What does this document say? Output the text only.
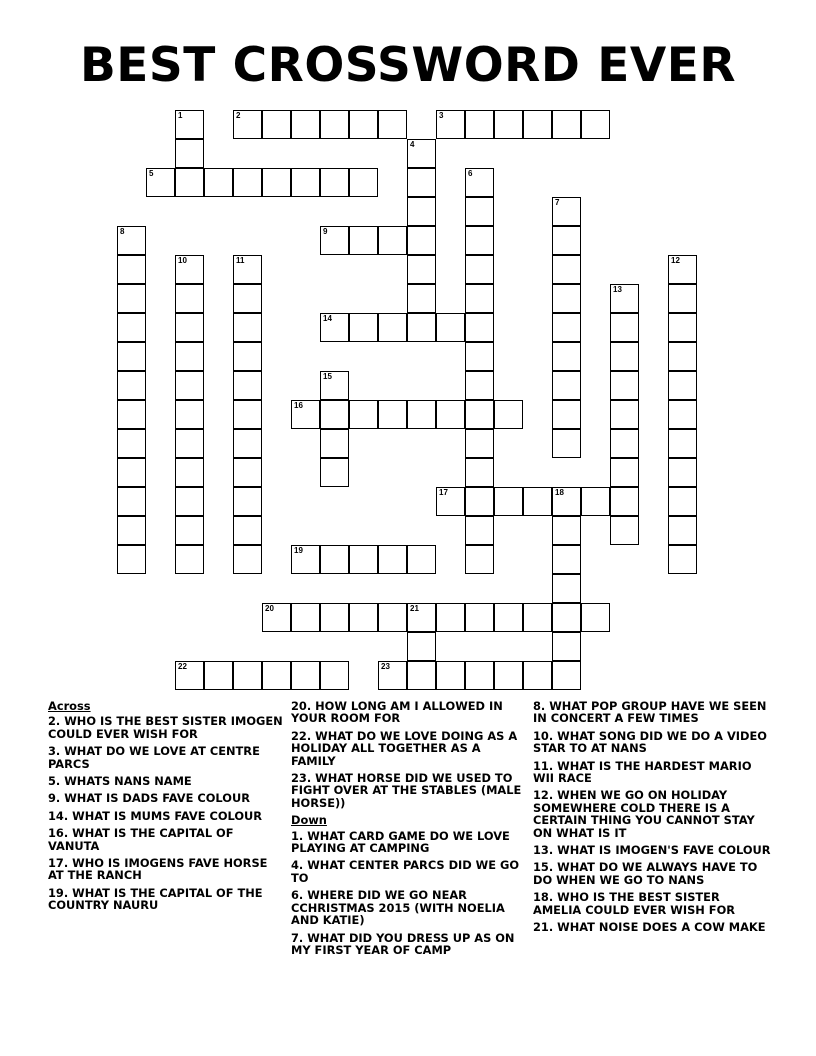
BEST CROSSWORD EVER
2	3
5
9
14
16
17	18
19
20	21
22	23
1
4
6
7
8
10	11	12
13
15
Across
2. WHO IS THE BEST SISTER IMOGEN COULD EVER WISH FOR
3. WHAT DO WE LOVE AT CENTRE PARCS
5. WHATS NANS NAME
9. WHAT IS DADS FAVE COLOUR
14. WHAT IS MUMS FAVE COLOUR
16. WHAT IS THE CAPITAL OF VANUTA
17. WHO IS IMOGENS FAVE HORSE AT THE RANCH
19. WHAT IS THE CAPITAL OF THE COUNTRY NAURU
20. HOW LONG AM I ALLOWED IN YOUR ROOM FOR
22. WHAT DO WE LOVE DOING AS A HOLIDAY ALL TOGETHER AS A FAMILY
23. WHAT HORSE DID WE USED TO FIGHT OVER AT THE STABLES (MALE HORSE))
Down
1. WHAT CARD GAME DO WE LOVE PLAYING AT CAMPING
4. WHAT CENTER PARCS DID WE GO TO
6. WHERE DID WE GO NEAR CCHRISTMAS 2015 (WITH NOELIA AND KATIE)
7. WHAT DID YOU DRESS UP AS ON MY FIRST YEAR OF CAMP
8. WHAT POP GROUP HAVE WE SEEN IN CONCERT A FEW TIMES
10. WHAT SONG DID WE DO A VIDEO STAR TO AT NANS
11. WHAT IS THE HARDEST MARIO WII RACE
12. WHEN WE GO ON HOLIDAY SOMEWHERE COLD THERE IS A CERTAIN THING YOU CANNOT STAY ON WHAT IS IT
13. WHAT IS IMOGEN'S FAVE COLOUR
15. WHAT DO WE ALWAYS HAVE TO DO WHEN WE GO TO NANS
18. WHO IS THE BEST SISTER AMELIA COULD EVER WISH FOR
21. WHAT NOISE DOES A COW MAKE
